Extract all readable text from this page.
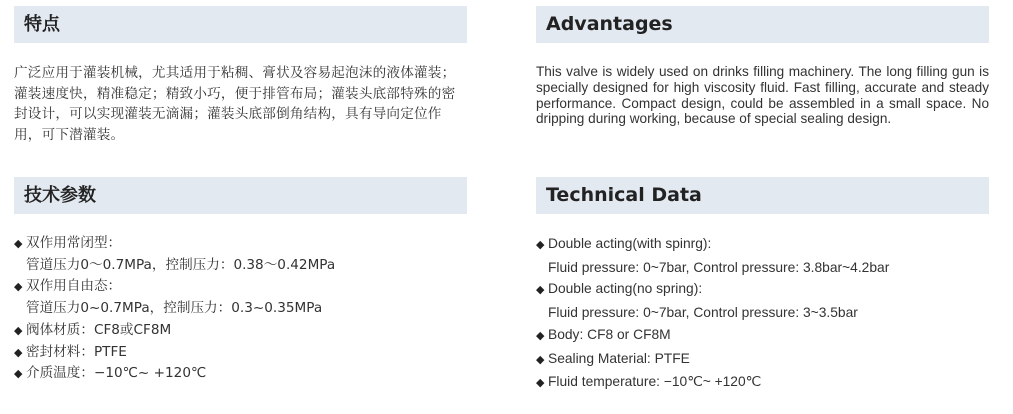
特点

广泛应用于灌装机械，尤其适用于粘稠、膏状及容易起泡沫的液体灌装；灌装速度快，精准稳定；精致小巧，便于排管布局；灌装头底部特殊的密封设计，可以实现灌装无滴漏；灌装头底部倒角结构，具有导向定位作用，可下潜灌装。

技术参数
◆ 双作用常闭型：
管道压力0～0.7MPa，控制压力：0.38～0.42MPa
◆ 双作用自由态：
管道压力0~0.7MPa，控制压力：0.3~0.35MPa
◆ 阀体材质：CF8或CF8M
◆ 密封材料：PTFE
◆ 介质温度：−10℃~ +120℃
Advantages

This valve is widely used on drinks filling machinery. The long filling gun is specially designed for high viscosity fluid. Fast filling, accurate and steady performance. Compact design, could be assembled in a small space. No dripping during working, because of special sealing design.

Technical Data
◆ Double acting(with spinrg):
Fluid pressure: 0~7bar, Control pressure: 3.8bar~4.2bar
◆ Double acting(no spring):
Fluid pressure: 0~7bar, Control pressure: 3~3.5bar
◆ Body: CF8 or CF8M
◆ Sealing Material: PTFE
◆ Fluid temperature: −10℃~ +120℃
